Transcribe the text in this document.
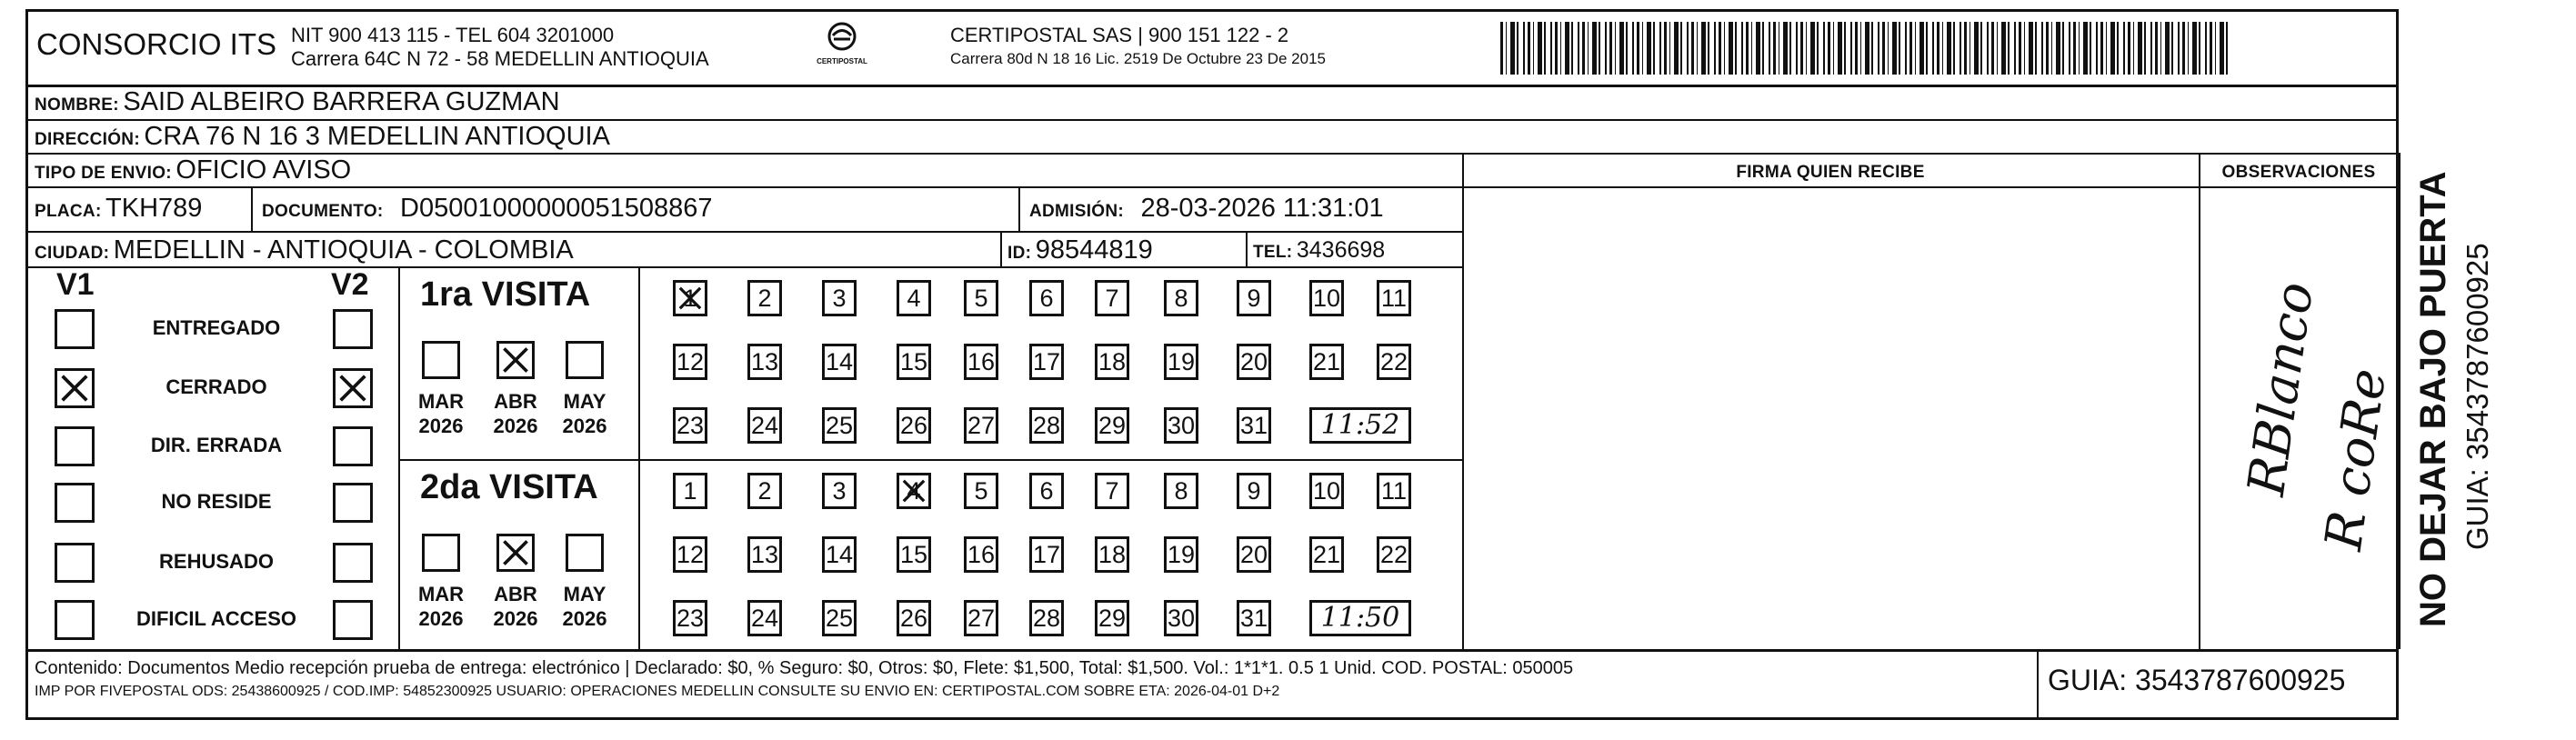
CONSORCIO ITS NIT 900 413 115 - TEL 604 3201000
Carrera 64C N 72 - 58 MEDELLIN ANTIOQUIA	CERTIPOSTAL
CERTIPOSTAL SAS | 900 151 122 - 2
Carrera 80d N 18 16 Lic. 2519 De Octubre 23 De 2015
NOMBRE: SAID ALBEIRO BARRERA GUZMAN
DIRECCIÓN: CRA 76 N 16 3 MEDELLIN ANTIOQUIA
TIPO DE ENVIO: OFICIO AVISO	FIRMA QUIEN RECIBE	OBSERVACIONES
PLACA: TKH789	DOCUMENTO: D05001000000051508867	ADMISIÓN: 28-03-2026 11:31:01
CIUDAD: MEDELLIN - ANTIOQUIA - COLOMBIA	ID: 98544819	TEL: 3436698
V1	V2
ENTREGADO
CERRADO
DIR. ERRADA
NO RESIDE
REHUSADO
DIFICIL ACCESO
1ra VISITA
MAR
2026
ABR
2026
MAY
2026
1	2	3	4	5	6	7	8	9	10 11
12 13 14 15 16 17 18 19 20 21 22
23 24 25 26 27 28 29 30 31	11:52
2da VISITA
MAR
2026
ABR
2026
MAY
2026
1	2	3	4	5	6	7	8	9	10 11
12 13 14 15 16 17 18 19 20 21 22
23 24 25 26 27 28 29 30 31	11:50
RBlanco
R coRe NO DEJAR BAJO PUERTA GUIA: 3543787600925
Contenido: Documentos Medio recepción prueba de entrega: electrónico | Declarado: $0, % Seguro: $0, Otros: $0, Flete: $1,500, Total: $1,500. Vol.: 1*1*1. 0.5 1 Unid. COD. POSTAL: 050005
IMP POR FIVEPOSTAL ODS: 25438600925 / COD.IMP: 54852300925 USUARIO: OPERACIONES MEDELLIN CONSULTE SU ENVIO EN: CERTIPOSTAL.COM SOBRE ETA: 2026-04-01 D+2	GUIA: 3543787600925
